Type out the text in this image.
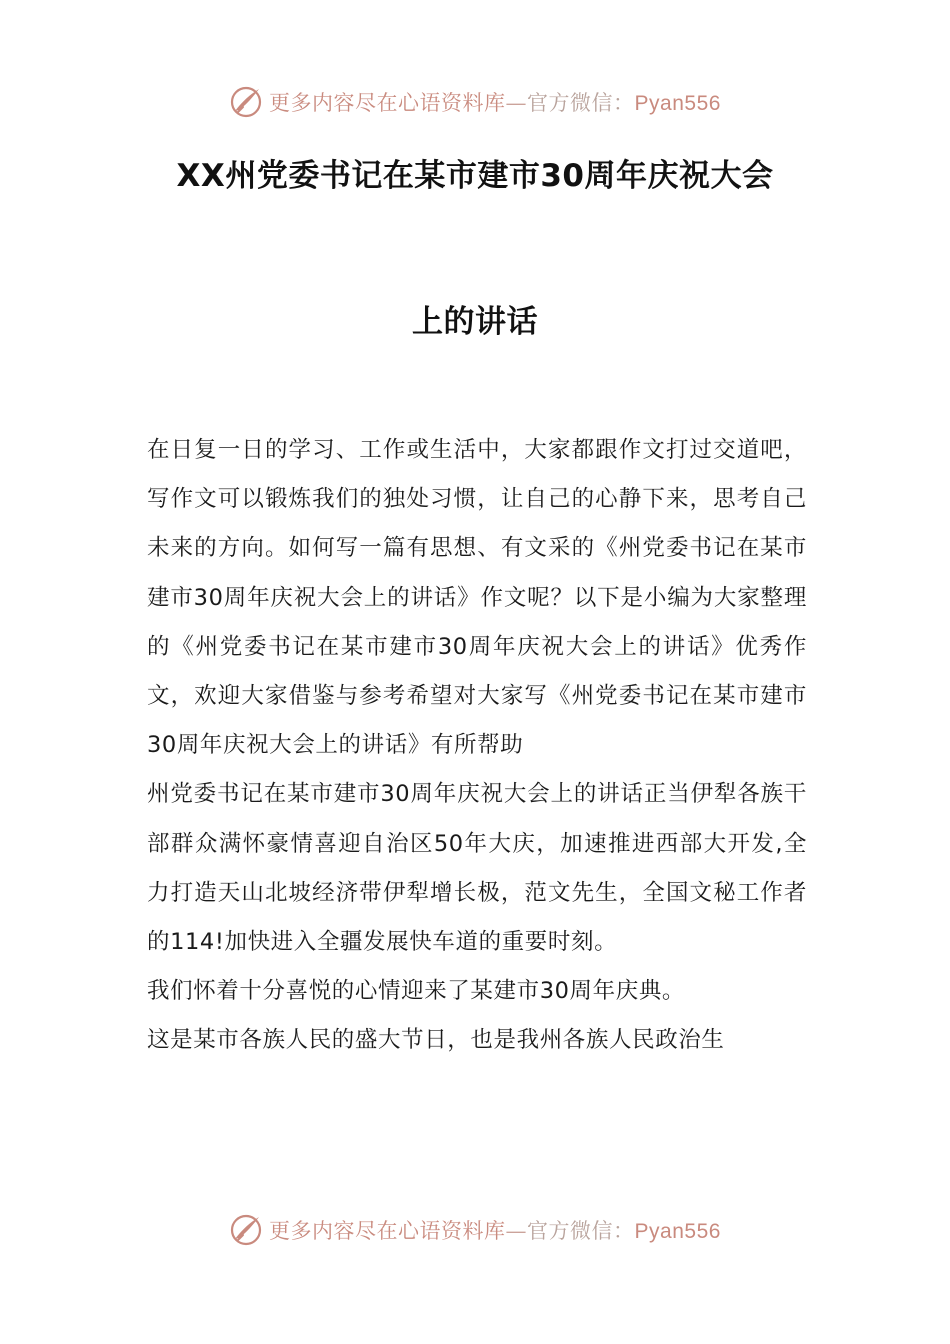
更多内容尽在心语资料库—官方微信：Pyan556
XX州党委书记在某市建市30周年庆祝大会
上的讲话

在日复一日的学习、工作或生活中，大家都跟作文打过交道吧，写作文可以锻炼我们的独处习惯，让自己的心静下来，思考自己未来的方向。如何写一篇有思想、有文采的《州党委书记在某市建市30周年庆祝大会上的讲话》作文呢？以下是小编为大家整理的《州党委书记在某市建市30周年庆祝大会上的讲话》优秀作文，欢迎大家借鉴与参考希望对大家写《州党委书记在某市建市30周年庆祝大会上的讲话》有所帮助

州党委书记在某市建市30周年庆祝大会上的讲话正当伊犁各族干部群众满怀豪情喜迎自治区50年大庆，加速推进西部大开发,全力打造天山北坡经济带伊犁增长极，范文先生，全国文秘工作者的114!加快进入全疆发展快车道的重要时刻。

我们怀着十分喜悦的心情迎来了某建市30周年庆典。

这是某市各族人民的盛大节日，也是我州各族人民政治生

更多内容尽在心语资料库—官方微信：Pyan556
